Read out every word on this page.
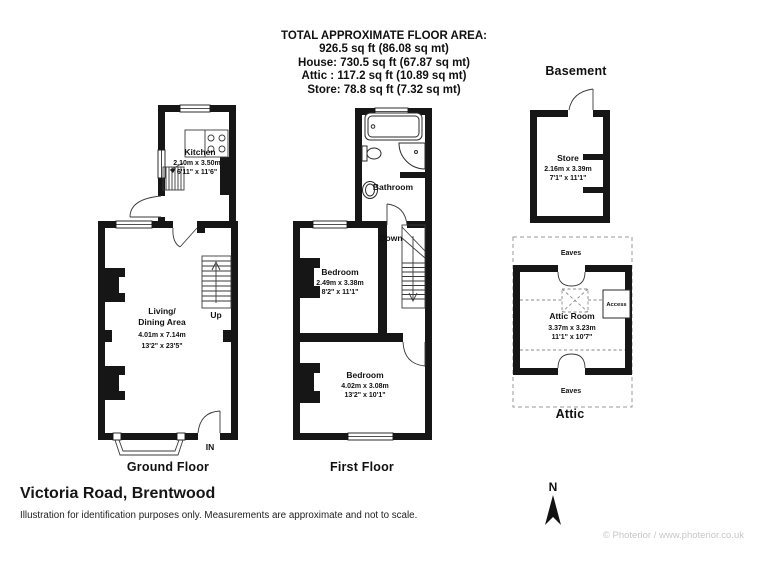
TOTAL APPROXIMATE FLOOR AREA:
926.5 sq ft (86.08 sq mt)
House: 730.5 sq ft (67.87 sq mt)
Attic : 117.2 sq ft (10.89 sq mt)
Store: 78.8 sq ft (7.32 sq mt)
Kitchen
2.10m x 3.50m
6'11" x 11'6"
Living/
Dining Area
4.01m x 7.14m
13'2" x 23'5"
Up
IN
Bathroom
Down
Bedroom
2.49m x 3.38m
8'2" x 11'1"
Bedroom
4.02m x 3.08m
13'2" x 10'1"
Store
2.16m x 3.39m
7'1" x 11'1"
Access
Eaves
Eaves
Attic Room
3.37m x 3.23m
11'1" x 10'7"
Ground Floor	First Floor
Basement
Attic
Victoria Road, Brentwood
Illustration for identification purposes only. Measurements are approximate and not to scale.
© Photerior / www.photerior.co.uk
N
